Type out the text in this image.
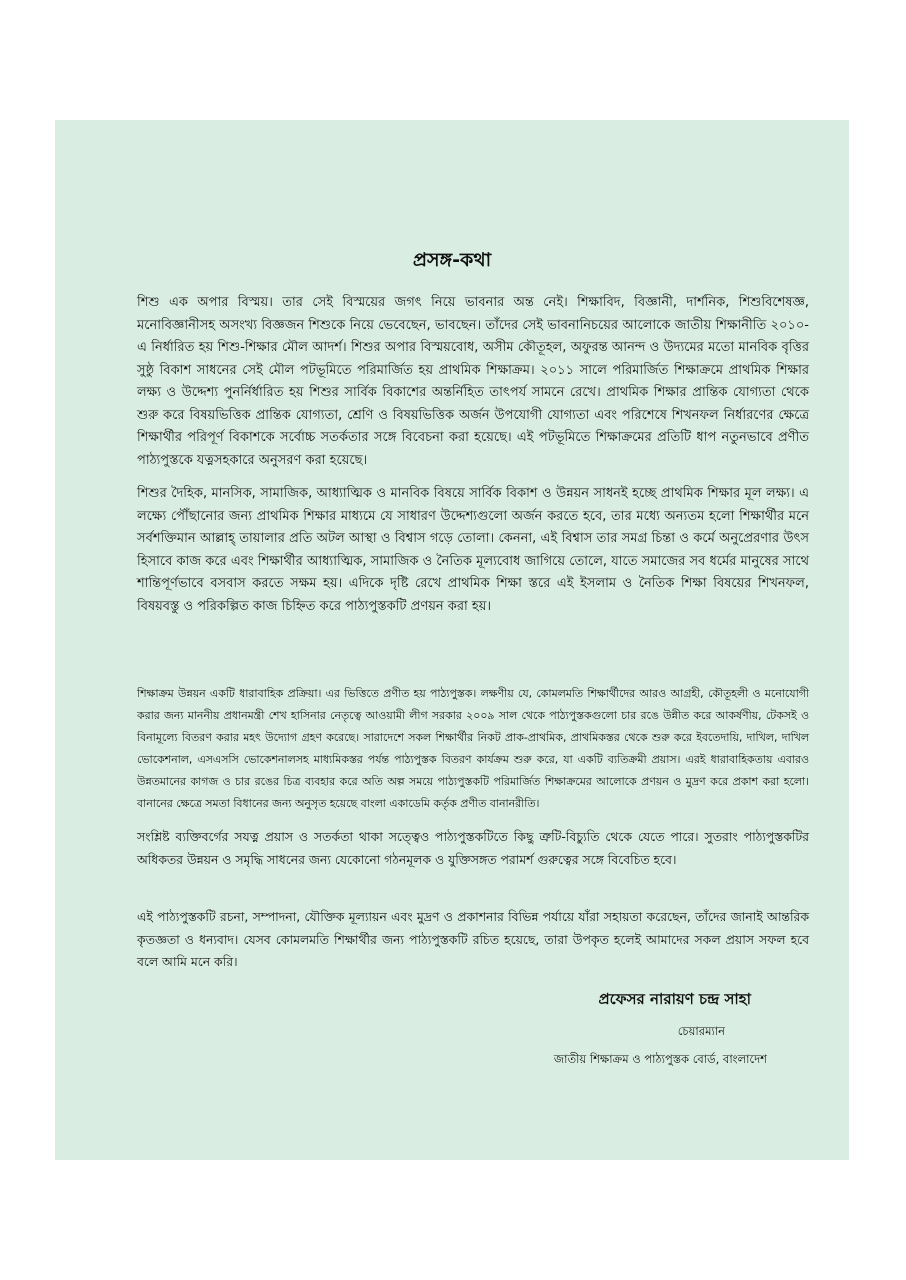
প্রসঙ্গ-কথা

শিশু এক অপার বিস্ময়। তার সেই বিস্ময়ের জগৎ নিয়ে ভাবনার অন্ত নেই। শিক্ষাবিদ, বিজ্ঞানী, দার্শনিক, শিশুবিশেষজ্ঞ, মনোবিজ্ঞানীসহ অসংখ্য বিজ্ঞজন শিশুকে নিয়ে ভেবেছেন, ভাবছেন। তাঁদের সেই ভাবনানিচয়ের আলোকে জাতীয় শিক্ষানীতি ২০১০-এ নির্ধারিত হয় শিশু-শিক্ষার মৌল আদর্শ। শিশুর অপার বিস্ময়বোধ, অসীম কৌতূহল, অফুরন্ত আনন্দ ও উদ্যমের মতো মানবিক বৃত্তির সুষ্ঠু বিকাশ সাধনের সেই মৌল পটভূমিতে পরিমার্জিত হয় প্রাথমিক শিক্ষাক্রম। ২০১১ সালে পরিমার্জিত শিক্ষাক্রমে প্রাথমিক শিক্ষার লক্ষ্য ও উদ্দেশ্য পুনর্নির্ধারিত হয় শিশুর সার্বিক বিকাশের অন্তর্নিহিত তাৎপর্য সামনে রেখে। প্রাথমিক শিক্ষার প্রান্তিক যোগ্যতা থেকে শুরু করে বিষয়ভিত্তিক প্রান্তিক যোগ্যতা, শ্রেণি ও বিষয়ভিত্তিক অর্জন উপযোগী যোগ্যতা এবং পরিশেষে শিখনফল নির্ধারণের ক্ষেত্রে শিক্ষার্থীর পরিপূর্ণ বিকাশকে সর্বোচ্চ সতর্কতার সঙ্গে বিবেচনা করা হয়েছে। এই পটভূমিতে শিক্ষাক্রমের প্রতিটি ধাপ নতুনভাবে প্রণীত পাঠ্যপুস্তকে যত্নসহকারে অনুসরণ করা হয়েছে।

শিশুর দৈহিক, মানসিক, সামাজিক, আধ্যাত্মিক ও মানবিক বিষয়ে সার্বিক বিকাশ ও উন্নয়ন সাধনই হচ্ছে প্রাথমিক শিক্ষার মূল লক্ষ্য। এ লক্ষ্যে পৌঁছানোর জন্য প্রাথমিক শিক্ষার মাধ্যমে যে সাধারণ উদ্দেশ্যগুলো অর্জন করতে হবে, তার মধ্যে অন্যতম হলো শিক্ষার্থীর মনে সর্বশক্তিমান আল্লাহ্ তায়ালার প্রতি অটল আস্থা ও বিশ্বাস গড়ে তোলা। কেননা, এই বিশ্বাস তার সমগ্র চিন্তা ও কর্মে অনুপ্রেরণার উৎস হিসাবে কাজ করে এবং শিক্ষার্থীর আধ্যাত্মিক, সামাজিক ও নৈতিক মূল্যবোধ জাগিয়ে তোলে, যাতে সমাজের সব ধর্মের মানুষের সাথে শান্তিপূর্ণভাবে বসবাস করতে সক্ষম হয়। এদিকে দৃষ্টি রেখে প্রাথমিক শিক্ষা স্তরে এই ইসলাম ও নৈতিক শিক্ষা বিষয়ের শিখনফল, বিষয়বস্তু ও পরিকল্পিত কাজ চিহ্নিত করে পাঠ্যপুস্তকটি প্রণয়ন করা হয়।

শিক্ষাক্রম উন্নয়ন একটি ধারাবাহিক প্রক্রিয়া। এর ভিত্তিতে প্রণীত হয় পাঠ্যপুস্তক। লক্ষণীয় যে, কোমলমতি শিক্ষার্থীদের আরও আগ্রহী, কৌতূহলী ও মনোযোগী করার জন্য মাননীয় প্রধানমন্ত্রী শেখ হাসিনার নেতৃত্বে আওয়ামী লীগ সরকার ২০০৯ সাল থেকে পাঠ্যপুস্তকগুলো চার রঙে উন্নীত করে আকর্ষণীয়, টেকসই ও বিনামূল্যে বিতরণ করার মহৎ উদ্যোগ গ্রহণ করেছে। সারাদেশে সকল শিক্ষার্থীর নিকট প্রাক-প্রাথমিক, প্রাথমিকস্তর থেকে শুরু করে ইবতেদায়ি, দাখিল, দাখিল ভোকেশনাল, এসএসসি ভোকেশনালসহ মাধ্যমিকস্তর পর্যন্ত পাঠ্যপুস্তক বিতরণ কার্যক্রম শুরু করে, যা একটি ব্যতিক্রমী প্রয়াস। এরই ধারাবাহিকতায় এবারও উন্নতমানের কাগজ ও চার রঙের চিত্র ব্যবহার করে অতি অল্প সময়ে পাঠ্যপুস্তকটি পরিমার্জিত শিক্ষাক্রমের আলোকে প্রণয়ন ও মুদ্রণ করে প্রকাশ করা হলো। বানানের ক্ষেত্রে সমতা বিধানের জন্য অনুসৃত হয়েছে বাংলা একাডেমি কর্তৃক প্রণীত বানানরীতি।

সংশ্লিষ্ট ব্যক্তিবর্গের সযত্ন প্রয়াস ও সতর্কতা থাকা সত্ত্বেও পাঠ্যপুস্তকটিতে কিছু ত্রুটি-বিচ্যুতি থেকে যেতে পারে। সুতরাং পাঠ্যপুস্তকটির অধিকতর উন্নয়ন ও সমৃদ্ধি সাধনের জন্য যেকোনো গঠনমূলক ও যুক্তিসঙ্গত পরামর্শ গুরুত্বের সঙ্গে বিবেচিত হবে।

এই পাঠ্যপুস্তকটি রচনা, সম্পাদনা, যৌক্তিক মূল্যায়ন এবং মুদ্রণ ও প্রকাশনার বিভিন্ন পর্যায়ে যাঁরা সহায়তা করেছেন, তাঁদের জানাই আন্তরিক কৃতজ্ঞতা ও ধন্যবাদ। যেসব কোমলমতি শিক্ষার্থীর জন্য পাঠ্যপুস্তকটি রচিত হয়েছে, তারা উপকৃত হলেই আমাদের সকল প্রয়াস সফল হবে বলে আমি মনে করি।

প্রফেসর নারায়ণ চন্দ্র সাহা

চেয়ারম্যান

জাতীয় শিক্ষাক্রম ও পাঠ্যপুস্তক বোর্ড, বাংলাদেশ
